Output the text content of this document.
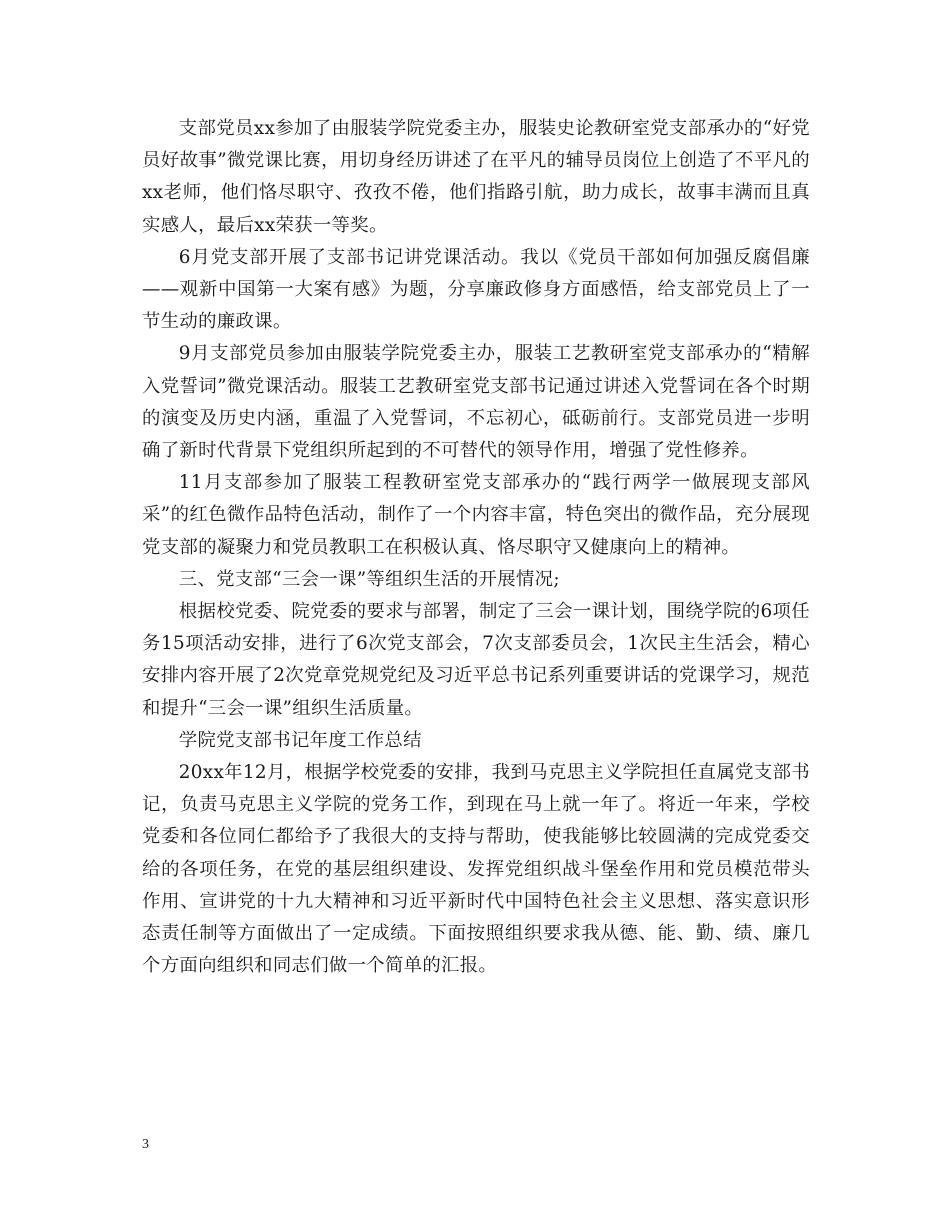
支部党员xx参加了由服装学院党委主办，服装史论教研室党支部承办的“好党员好故事”微党课比赛，用切身经历讲述了在平凡的辅导员岗位上创造了不平凡的xx老师，他们恪尽职守、孜孜不倦，他们指路引航，助力成长，故事丰满而且真实感人，最后xx荣获一等奖。

6月党支部开展了支部书记讲党课活动。我以《党员干部如何加强反腐倡廉——观新中国第一大案有感》为题，分享廉政修身方面感悟，给支部党员上了一节生动的廉政课。

9月支部党员参加由服装学院党委主办，服装工艺教研室党支部承办的“精解入党誓词”微党课活动。服装工艺教研室党支部书记通过讲述入党誓词在各个时期的演变及历史内涵，重温了入党誓词，不忘初心，砥砺前行。支部党员进一步明确了新时代背景下党组织所起到的不可替代的领导作用，增强了党性修养。

11月支部参加了服装工程教研室党支部承办的“践行两学一做展现支部风采”的红色微作品特色活动，制作了一个内容丰富，特色突出的微作品，充分展现党支部的凝聚力和党员教职工在积极认真、恪尽职守又健康向上的精神。

三、党支部“三会一课”等组织生活的开展情况;

根据校党委、院党委的要求与部署，制定了三会一课计划，围绕学院的6项任务15项活动安排，进行了6次党支部会，7次支部委员会，1次民主生活会，精心安排内容开展了2次党章党规党纪及习近平总书记系列重要讲话的党课学习，规范和提升“三会一课”组织生活质量。

学院党支部书记年度工作总结

20xx年12月，根据学校党委的安排，我到马克思主义学院担任直属党支部书记，负责马克思主义学院的党务工作，到现在马上就一年了。将近一年来，学校党委和各位同仁都给予了我很大的支持与帮助，使我能够比较圆满的完成党委交给的各项任务，在党的基层组织建设、发挥党组织战斗堡垒作用和党员模范带头作用、宣讲党的十九大精神和习近平新时代中国特色社会主义思想、落实意识形态责任制等方面做出了一定成绩。下面按照组织要求我从德、能、勤、绩、廉几个方面向组织和同志们做一个简单的汇报。

3
